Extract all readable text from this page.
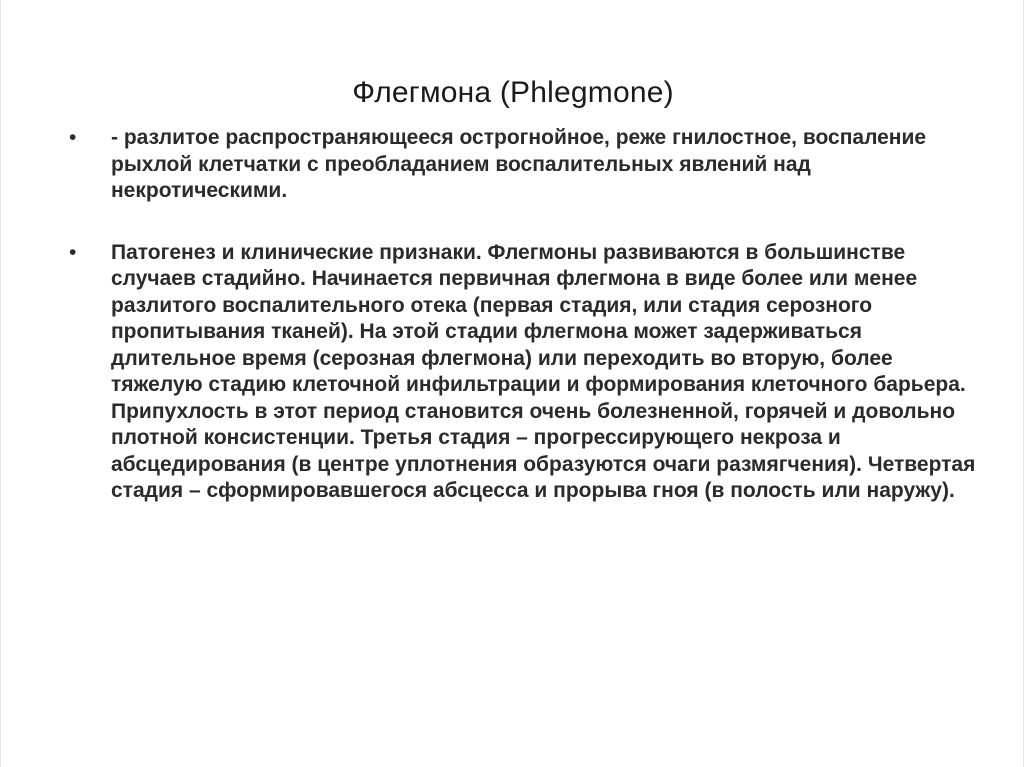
Флегмона (Phlegmone)
• - разлитое распространяющееся острогнойное, реже гнилостное, воспаление рыхлой клетчатки с преобладанием воспалительных явлений над некротическими.
• Патогенез и клинические признаки. Флегмоны развиваются в большинстве случаев стадийно. Начинается первичная флегмона в виде более или менее разлитого воспалительного отека (первая стадия, или стадия серозного пропитывания тканей). На этой стадии флегмона может задерживаться длительное время (серозная флегмона) или переходить во вторую, более тяжелую стадию клеточной инфильтрации и формирования клеточного барьера. Припухлость в этот период становится очень болезненной, горячей и довольно плотной консистенции. Третья стадия – прогрессирующего некроза и абсцедирования (в центре уплотнения образуются очаги размягчения). Четвертая стадия – сформировавшегося абсцесса и прорыва гноя (в полость или наружу).
